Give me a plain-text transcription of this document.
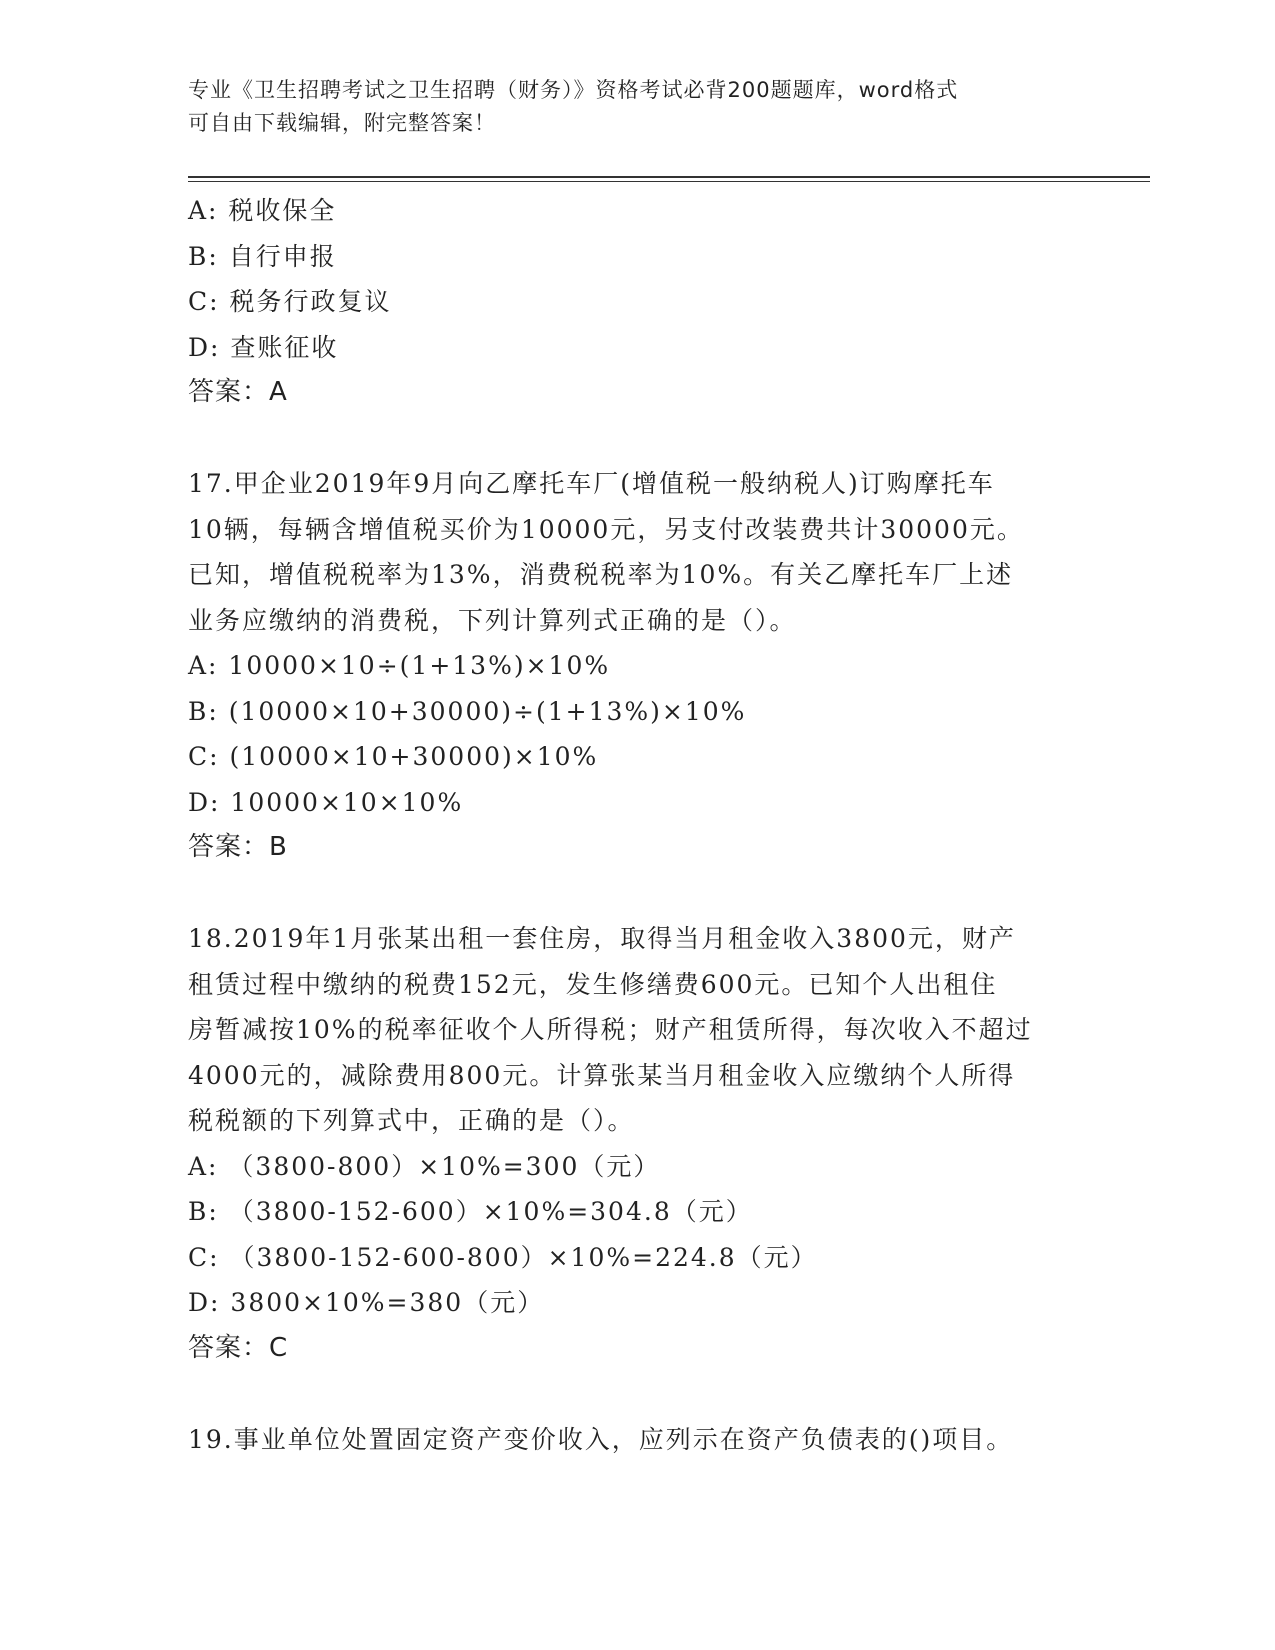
专业《卫生招聘考试之卫生招聘（财务）》资格考试必背200题题库，word格式
可自由下载编辑，附完整答案！
A: 税收保全
B: 自行申报
C: 税务行政复议
D: 查账征收
答案：A
17.甲企业2019年9月向乙摩托车厂(增值税一般纳税人)订购摩托车
10辆，每辆含增值税买价为10000元，另支付改装费共计30000元。
已知，增值税税率为13%，消费税税率为10%。有关乙摩托车厂上述
业务应缴纳的消费税，下列计算列式正确的是（）。
A: 10000×10÷(1+13%)×10%
B: (10000×10+30000)÷(1+13%)×10%
C: (10000×10+30000)×10%
D: 10000×10×10%
答案：B
18.2019年1月张某出租一套住房，取得当月租金收入3800元，财产
租赁过程中缴纳的税费152元，发生修缮费600元。已知个人出租住
房暂减按10%的税率征收个人所得税；财产租赁所得，每次收入不超过
4000元的，减除费用800元。计算张某当月租金收入应缴纳个人所得
税税额的下列算式中，正确的是（）。
A: （3800-800）×10%=300（元）
B: （3800-152-600）×10%=304.8（元）
C: （3800-152-600-800）×10%=224.8（元）
D: 3800×10%=380（元）
答案：C
19.事业单位处置固定资产变价收入，应列示在资产负债表的()项目。
